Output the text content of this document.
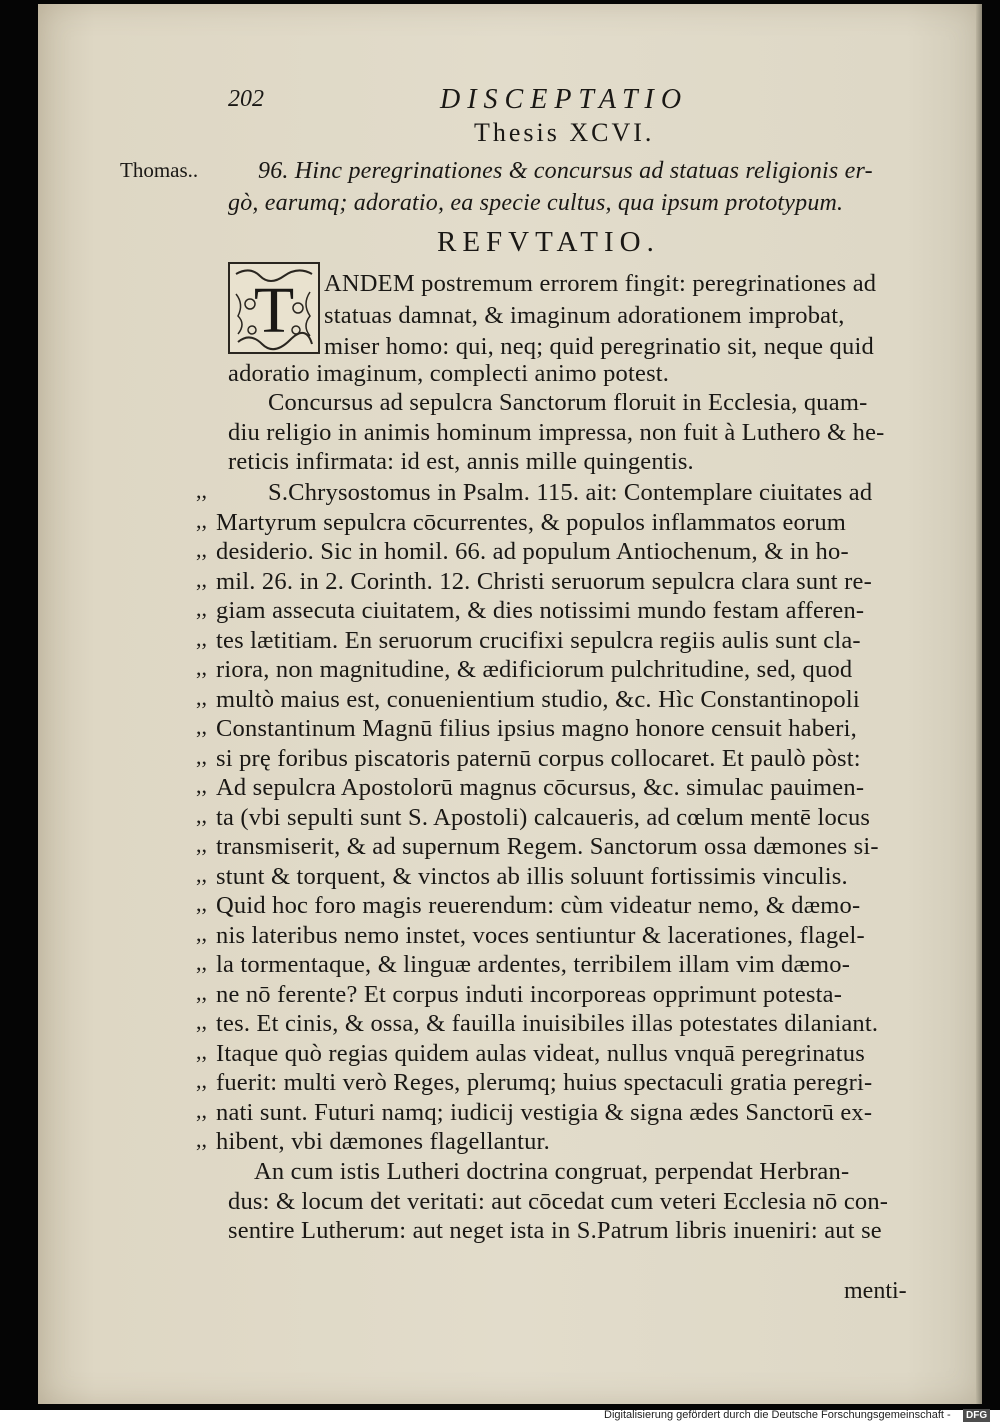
202	DISCEPTATIO
Thesis XCVI.
Thomas.. 96. Hinc peregrinationes & concursus ad statuas religionis er-
gò, earumq; adoratio, ea specie cultus, qua ipsum prototypum.
REFVTATIO.
T ANDEM postremum errorem fingit: peregrinationes ad
statuas damnat, & imaginum adorationem improbat,
miser homo: qui, neq; quid peregrinatio sit, neque quid
adoratio imaginum, complecti animo potest.
Concursus ad sepulcra Sanctorum floruit in Ecclesia, quam-
diu religio in animis hominum impressa, non fuit à Luthero & he-
reticis infirmata: id est, annis mille quingentis.
,, S.Chrysostomus in Psalm. 115. ait: Contemplare ciuitates ad
,, Martyrum sepulcra cōcurrentes, & populos inflammatos eorum
,, desiderio. Sic in homil. 66. ad populum Antiochenum, & in ho-
,, mil. 26. in 2. Corinth. 12. Christi seruorum sepulcra clara sunt re-
,, giam assecuta ciuitatem, & dies notissimi mundo festam afferen-
,, tes lætitiam. En seruorum crucifixi sepulcra regiis aulis sunt cla-
,, riora, non magnitudine, & ædificiorum pulchritudine, sed, quod
,, multò maius est, conuenientium studio, &c. Hìc Constantinopoli
,, Constantinum Magnū filius ipsius magno honore censuit haberi,
,, si prę foribus piscatoris paternū corpus collocaret. Et paulò pòst:
,, Ad sepulcra Apostolorū magnus cōcursus, &c. simulac pauimen-
,, ta (vbi sepulti sunt S. Apostoli) calcaueris, ad cœlum mentē locus
,, transmiserit, & ad supernum Regem. Sanctorum ossa dæmones si-
,, stunt & torquent, & vinctos ab illis soluunt fortissimis vinculis.
,, Quid hoc foro magis reuerendum: cùm videatur nemo, & dæmo-
,, nis lateribus nemo instet, voces sentiuntur & lacerationes, flagel-
,, la tormentaque, & linguæ ardentes, terribilem illam vim dæmo-
,, ne nō ferente? Et corpus induti incorporeas opprimunt potesta-
,, tes. Et cinis, & ossa, & fauilla inuisibiles illas potestates dilaniant.
,, Itaque quò regias quidem aulas videat, nullus vnquā peregrinatus
,, fuerit: multi verò Reges, plerumq; huius spectaculi gratia peregri-
,, nati sunt. Futuri namq; iudicij vestigia & signa ædes Sanctorū ex-
,, hibent, vbi dæmones flagellantur.
An cum istis Lutheri doctrina congruat, perpendat Herbran-
dus: & locum det veritati: aut cōcedat cum veteri Ecclesia nō con-
sentire Lutherum: aut neget ista in S.Patrum libris inueniri: aut se
menti-
Digitalisierung gefördert durch die Deutsche Forschungsgemeinschaft -	DFG
